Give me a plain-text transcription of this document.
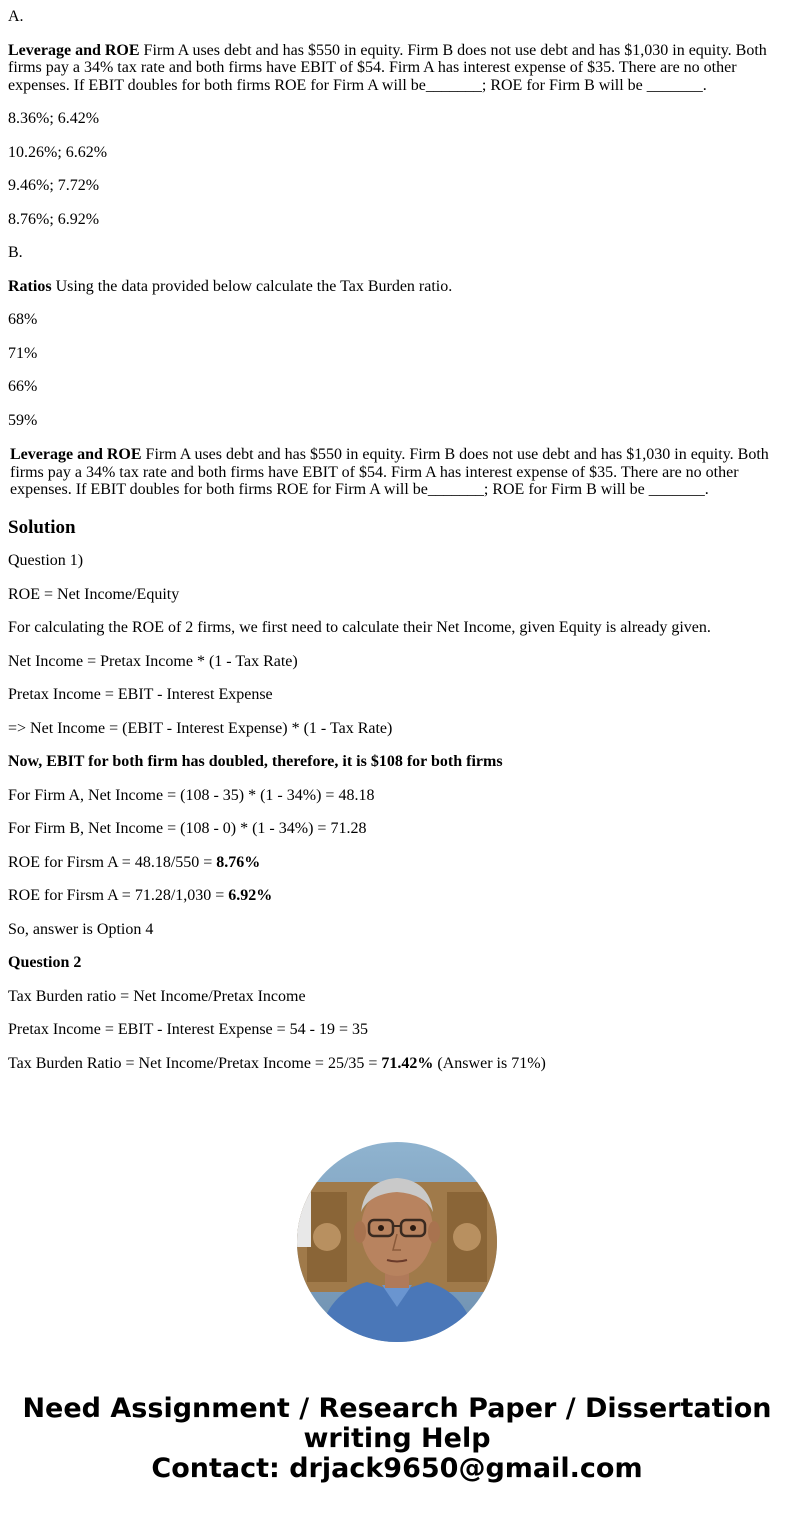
A.

Leverage and ROE Firm A uses debt and has $550 in equity. Firm B does not use debt and has $1,030 in equity. Both firms pay a 34% tax rate and both firms have EBIT of $54. Firm A has interest expense of $35. There are no other expenses. If EBIT doubles for both firms ROE for Firm A will be_______; ROE for Firm B will be _______.

8.36%; 6.42%

10.26%; 6.62%

9.46%; 7.72%

8.76%; 6.92%

B.

Ratios Using the data provided below calculate the Tax Burden ratio.

68%

71%

66%

59%

Leverage and ROE Firm A uses debt and has $550 in equity. Firm B does not use debt and has $1,030 in equity. Both firms pay a 34% tax rate and both firms have EBIT of $54. Firm A has interest expense of $35. There are no other expenses. If EBIT doubles for both firms ROE for Firm A will be_______; ROE for Firm B will be _______.
Solution

Question 1)

ROE = Net Income/Equity

For calculating the ROE of 2 firms, we first need to calculate their Net Income, given Equity is already given.

Net Income = Pretax Income * (1 - Tax Rate)

Pretax Income = EBIT - Interest Expense

=> Net Income = (EBIT - Interest Expense) * (1 - Tax Rate)

Now, EBIT for both firm has doubled, therefore, it is $108 for both firms

For Firm A, Net Income = (108 - 35) * (1 - 34%) = 48.18

For Firm B, Net Income = (108 - 0) * (1 - 34%) = 71.28

ROE for Firsm A = 48.18/550 = 8.76%

ROE for Firsm A = 71.28/1,030 = 6.92%

So, answer is Option 4

Question 2

Tax Burden ratio = Net Income/Pretax Income

Pretax Income = EBIT - Interest Expense = 54 - 19 = 35

Tax Burden Ratio = Net Income/Pretax Income = 25/35 = 71.42% (Answer is 71%)

Need Assignment / Research Paper / Dissertation
writing Help
Contact: drjack9650@gmail.com
